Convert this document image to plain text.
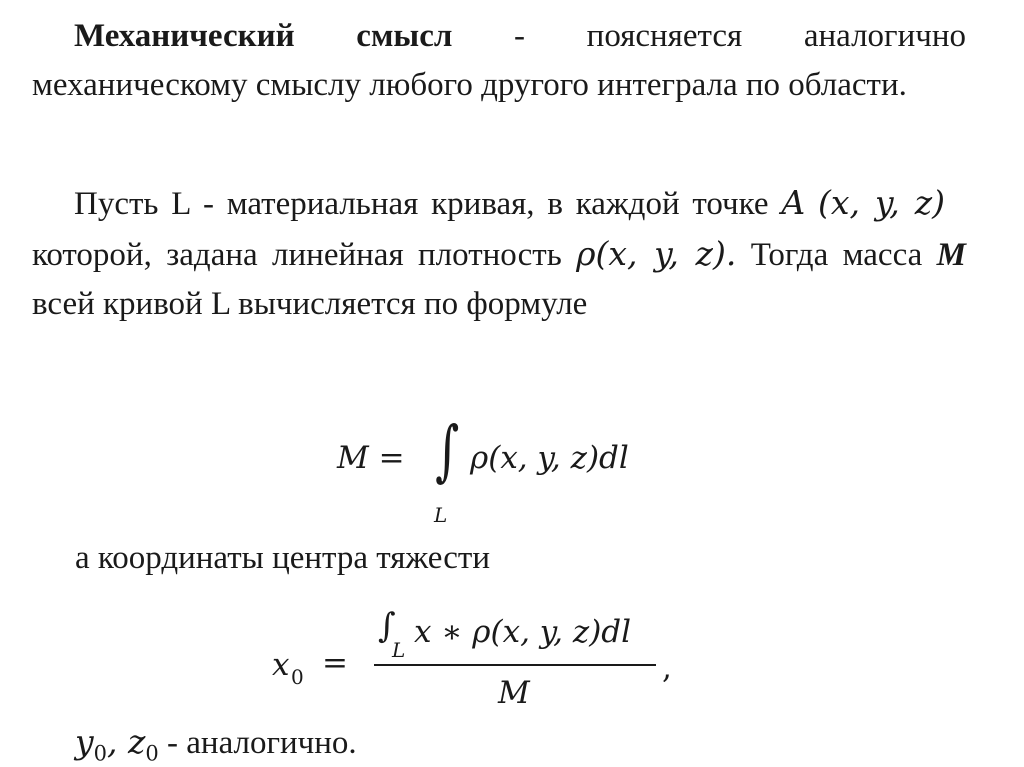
Механический смысл - поясняется аналогично механическому смыслу любого другого интеграла по области.

Пусть L - материальная кривая, в каждой точке A (x, y, z)   которой, задана линейная плотность ρ(x, y, z). Тогда масса M всей кривой L вычисляется по формуле

M = ∫
L
ρ(x, y, z)dl
а координаты центра тяжести
x 0 =
∫
L x ∗ ρ(x, y, z)dl
M
,
$y_0$, $z_0$ - аналогично.
